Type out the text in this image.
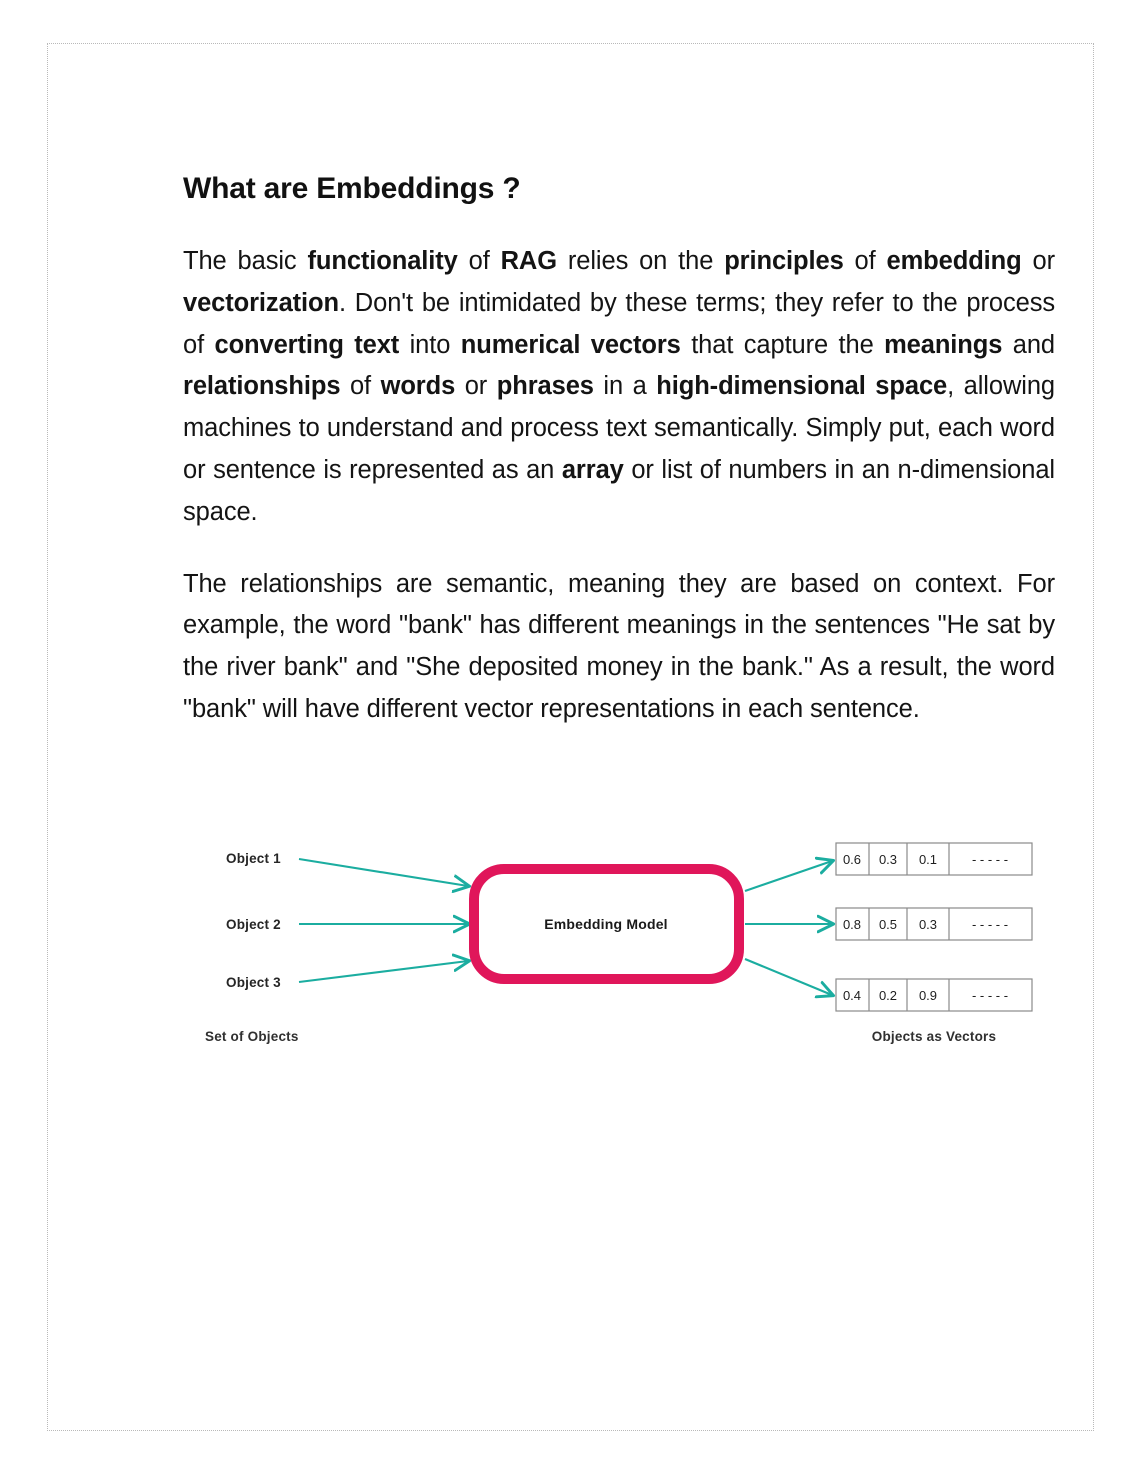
What are Embeddings ?

The basic functionality of RAG relies on the principles of embedding or vectorization. Don't be intimidated by these terms; they refer to the process of converting text into numerical vectors that capture the meanings and relationships of words or phrases in a high-dimensional space, allowing machines to understand and process text semantically. Simply put, each word or sentence is represented as an array or list of numbers in an n-dimensional space.

The relationships are semantic, meaning they are based on context. For example, the word "bank" has different meanings in the sentences "He sat by the river bank" and "She deposited money in the bank." As a result, the word "bank" will have different vector representations in each sentence.

Object 1
Object 2
Object 3
Set of Objects
Embedding Model
0.6 0.3 0.1	- - - - -
0.8 0.5 0.3	- - - - -
0.4 0.2 0.9	- - - - -
Objects as Vectors
